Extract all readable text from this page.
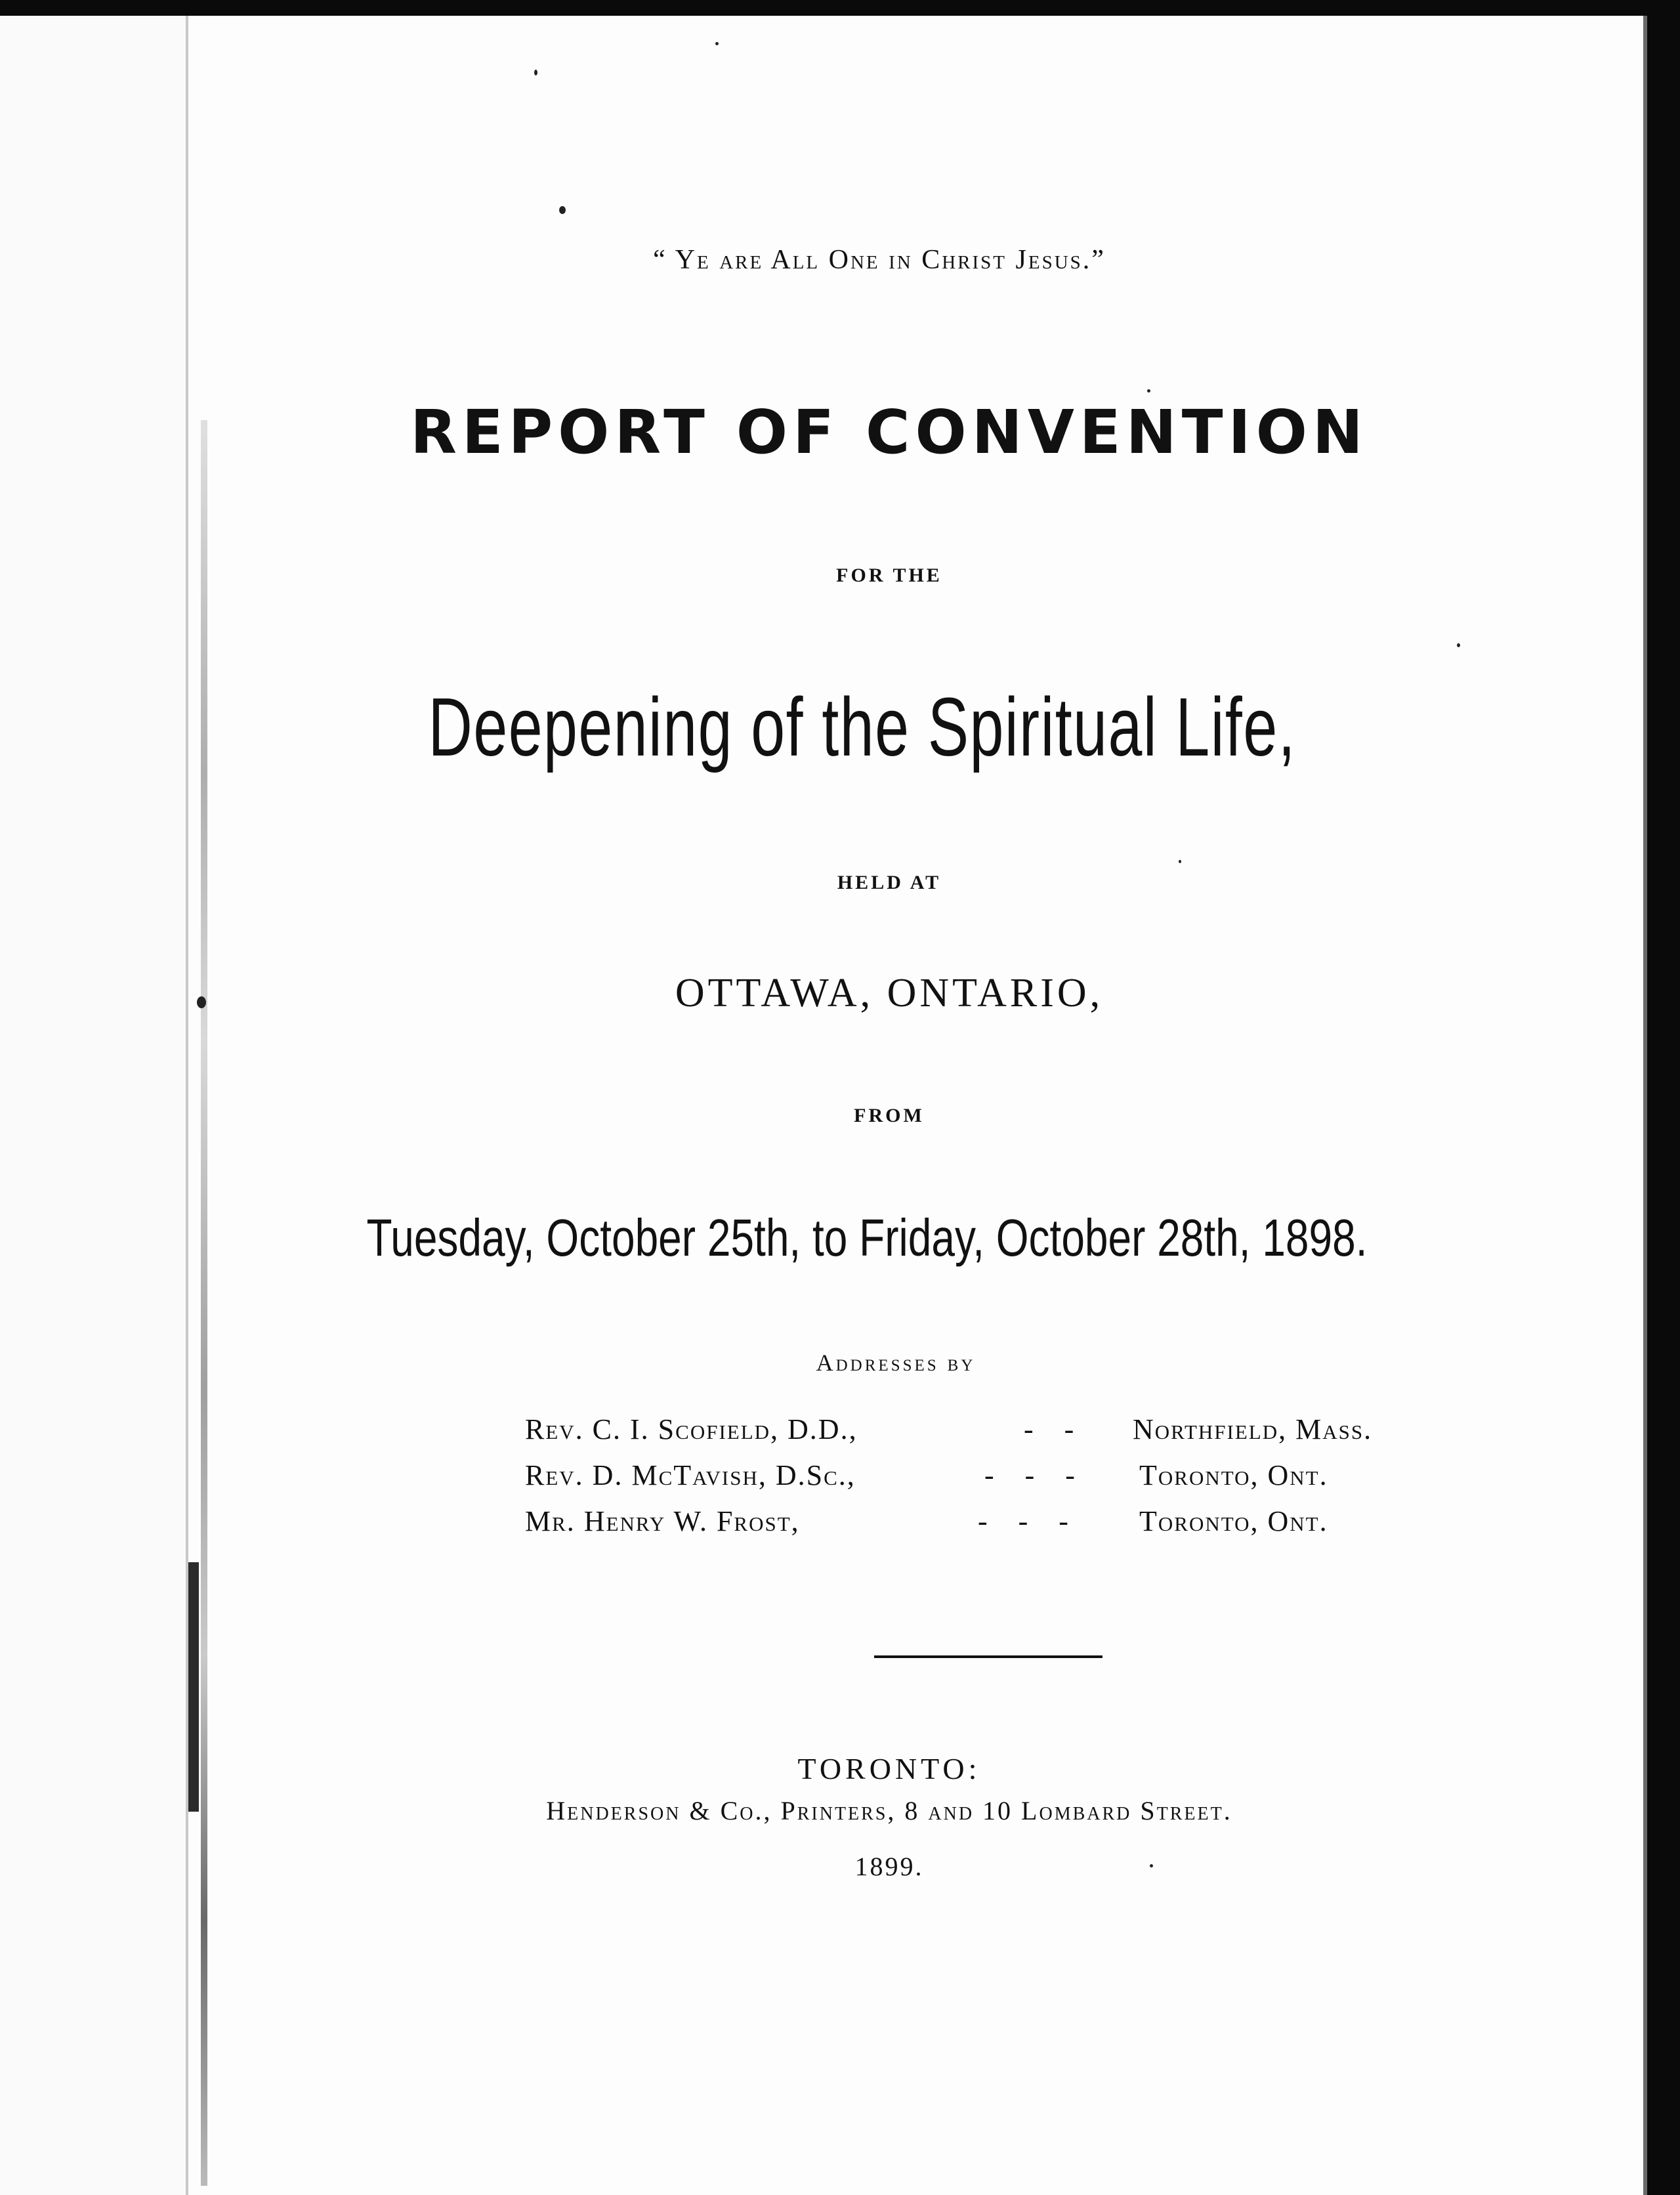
“ Ye are All One in Christ Jesus.”
REPORT OF CONVENTION
FOR THE
Deepening of the Spiritual Life,
HELD AT
OTTAWA, ONTARIO,
FROM
Tuesday, October 25th, to Friday, October 28th, 1898.
Addresses by
Rev. C. I. Scofield, D.D.,	- - Northfield, Mass.
Rev. D. McTavish, D.Sc.,	- - - Toronto, Ont.
Mr. Henry W. Frost,	- - - Toronto, Ont.
TORONTO:
Henderson & Co., Printers, 8 and 10 Lombard Street.
1899.
